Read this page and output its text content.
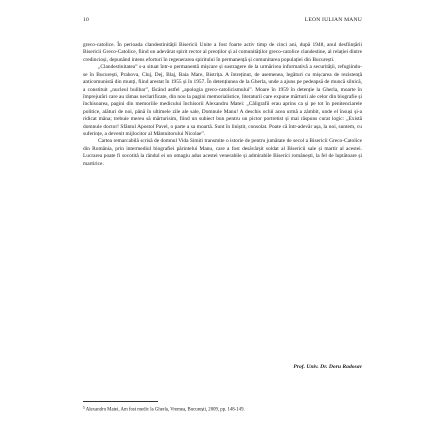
10	LEON IULIAN MANU

greco-catolice. În perioada clandestinității Bisericii Unite a fost foarte activ timp de cinci ani, după 1948, anul desființării Bisericii Greco-Catolice, fiind un adevărat spirit rector al preoților și al comunităților greco-catolice clandestine, al relației dintre credincioși, depunând intens eforturi în regenerarea spiritului în permanență și comunitarea populației din București.

„Clandestinitatea” s-a situat într-o permanentă mișcare și sustragere de la urmărirea informativă a securității, refugiindu-se în București, Prahova, Cluj, Dej, Blaj, Baia Mare, Bistrița. A întreținut, de asemenea, legături cu mișcarea de rezistență anticomunistă din munți, fiind arestat în 1955 și în 1957. În detențiunea de la Gherla, unde a ajuns pe pedeapsă de muncă silnică, a constituit „nucleul bulibar”, făcând astfel „apologia greco-catolicismului”. Moare în 1959 în detenție la Gherla, moarte în împrejurări care au rămas neclarificate, din nou la pagini memorialistice, literaturii care expune mărturii ale celor din biografie și închisoarea, pagini din memoriile medicului închisorii Alexandru Matei: „Căligrafii erau aprins ca și pe tot în penitenciarele politice, alături de noi, până în ultimele zile ale sale, Domnule Manu! A deschis ochii acea urmă a zâmbit, unde el însuși și-a ridicat mâna; trebuie mereu să mărturisim, fiind un subiect bun pentru un pictor portretist și mai răspuns curat logic: „Există domnule doctor! Sfântul Apostol Pavel, o parte a sa moartă. Sunt în liniștit, consolat. Poate că într-adevăr așa, la noi, suntem, cu suferințe, a devenit mijlocitor al Mântuitorului Nicolae”.

Cartea remarcabilă scrisă de domnul Vida Simiti transmite o istorie de pentru jumătate de secol a Bisericii Greco-Catolice din România, prin intermediul biografiei părintelui Manu, care a fost desăvârșit soldat al Bisericii sale și martir al acestei. Lucrarea poate fi socotită la rândul ei un omagiu adus acestei venerabile și admirabile Biserici românești, la fel de luptătoare și martirice.

Prof. Univ. Dr. Doru Radosav
$^5$ Alexandru Matei, Am fost medic la Gherla, Vremea, București, 2009, pp. 148-149.
